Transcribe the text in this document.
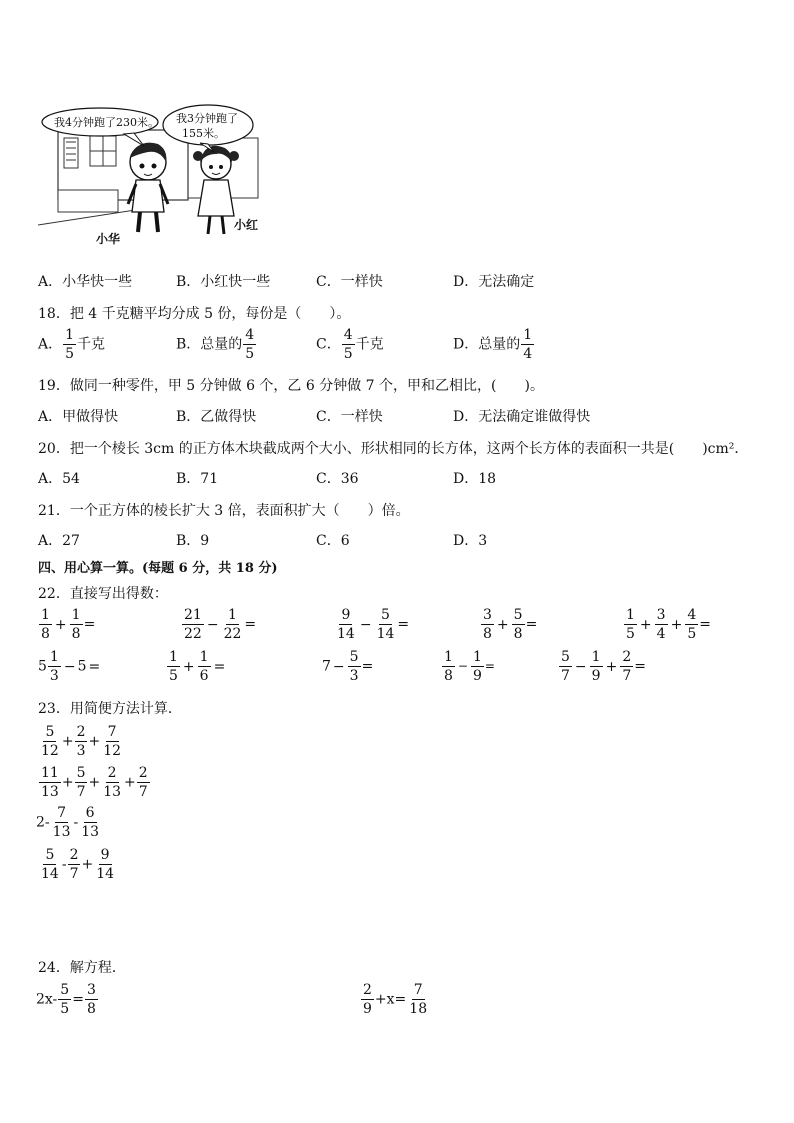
我4分钟跑了230米。 我3分钟跑了
155米。
小华
小红
A．小华快一些	B．小红快一些	C．一样快	D．无法确定
18．把 4 千克糖平均分成 5 份，每份是（　　）。
A． $\frac{1}{5}$ 千克	B．总量的 $\frac{4}{5}$	C． $\frac{4}{5}$ 千克	D．总量的 $\frac{1}{4}$
19．做同一种零件，甲 5 分钟做 6 个，乙 6 分钟做 7 个，甲和乙相比，(　　)。
A．甲做得快	B．乙做得快	C．一样快	D．无法确定谁做得快
20．把一个棱长 3cm 的正方体木块截成两个大小、形状相同的长方体，这两个长方体的表面积一共是(　　)cm²．
A．54	B．71	C．36	D．18
21．一个正方体的棱长扩大 3 倍，表面积扩大（　　）倍。
A．27	B．9	C．6	D．3
四、用心算一算。(每题 6 分，共 18 分)
22．直接写出得数：
$\frac{1}{8} + \frac{1}{8}$ =	$\frac{21}{22} - \frac{1}{22}$ =	$\frac{9}{14} - \frac{5}{14}$ =	$\frac{3}{8} + \frac{5}{8}$ =	$\frac{1}{5} + \frac{3}{4} + \frac{4}{5}$ =
$5 \frac{1}{3} - 5$ =	$\frac{1}{5} + \frac{1}{6}$ =	$7 - \frac{5}{3}$ =	$\frac{1}{8} - \frac{1}{9}$ =	$\frac{5}{7} - \frac{1}{9} + \frac{2}{7}$ =
23．用简便方法计算．
$\frac{5}{12} + \frac{2}{3} + \frac{7}{12}$
$\frac{11}{13} + \frac{5}{7} + \frac{2}{13} + \frac{2}{7}$
$2- \frac{7}{13} - \frac{6}{13}$
$\frac{5}{14} - \frac{2}{7} + \frac{9}{14}$
24．解方程．
$2x- \frac{5}{5} = \frac{3}{8}$	$\frac{2}{9} +x= \frac{7}{18}$
